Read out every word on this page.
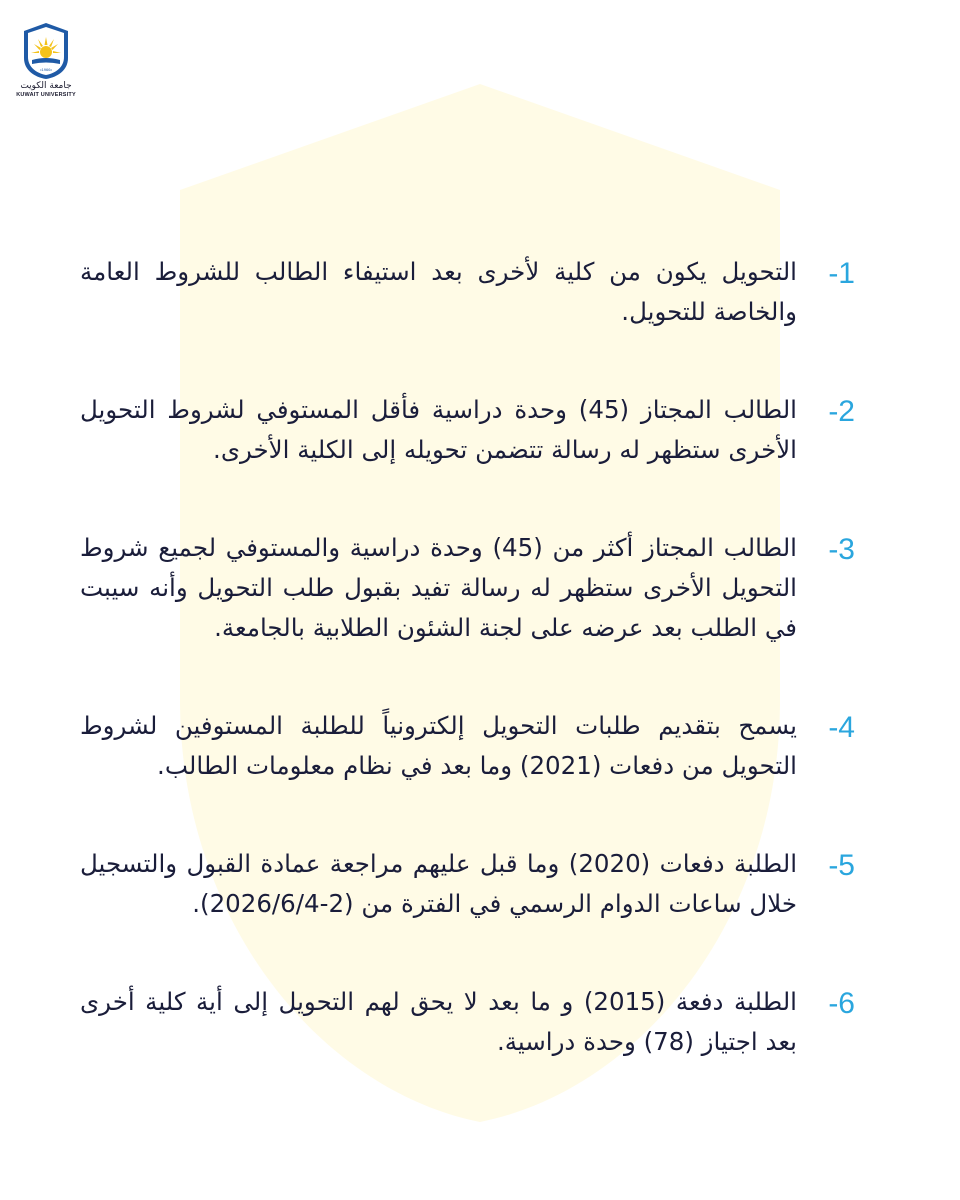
•1966•
جامعة الكويت
KUWAIT UNIVERSITY
-1
التحويل يكون من كلية لأخرى بعد استيفاء الطالب للشروط العامة والخاصة للتحويل.
-2
الطالب المجتاز (45) وحدة دراسية فأقل المستوفي لشروط التحويل الأخرى ستظهر له رسالة تتضمن تحويله إلى الكلية الأخرى.
-3
الطالب المجتاز أكثر من (45) وحدة دراسية والمستوفي لجميع شروط التحويل الأخرى ستظهر له رسالة تفيد بقبول طلب التحويل وأنه سيبت في الطلب بعد عرضه على لجنة الشئون الطلابية بالجامعة.
-4
يسمح بتقديم طلبات التحويل إلكترونياً للطلبة المستوفين لشروط التحويل من دفعات (2021) وما بعد في نظام معلومات الطالب.
-5
الطلبة دفعات (2020) وما قبل عليهم مراجعة عمادة القبول والتسجيل خلال ساعات الدوام الرسمي في الفترة من (2-2026/6/4).
-6
الطلبة دفعة (2015) و ما بعد لا يحق لهم التحويل إلى أية كلية أخرى بعد اجتياز (78) وحدة دراسية.
